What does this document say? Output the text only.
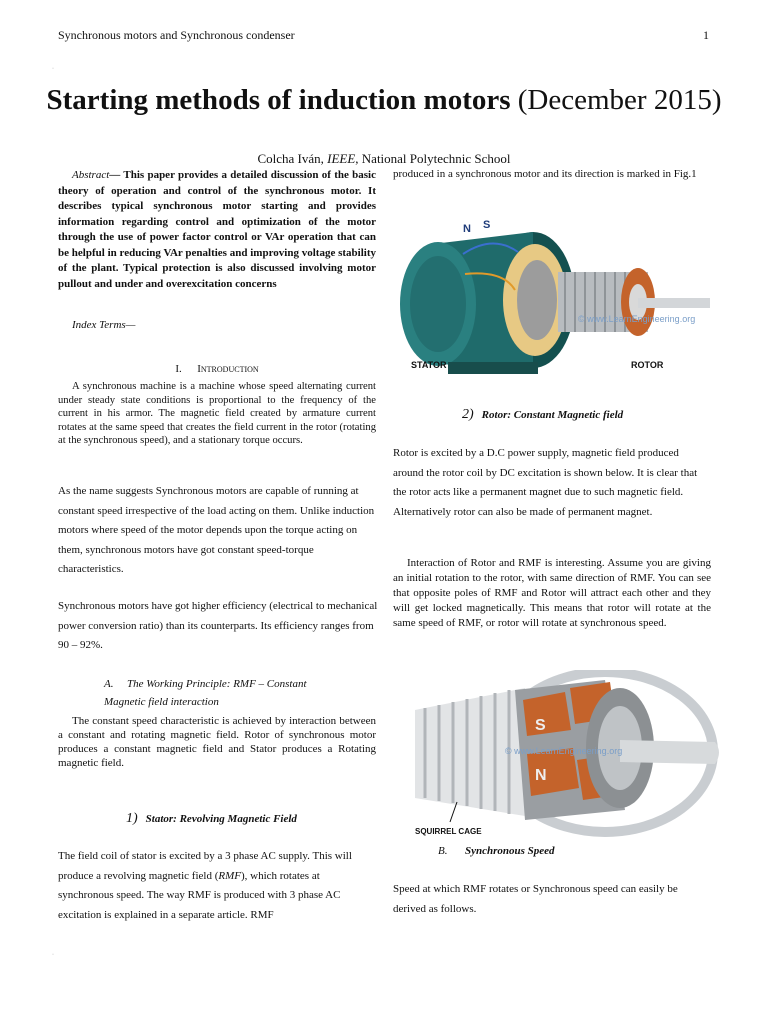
Synchronous motors and Synchronous condenser	1
·
Starting methods of induction motors (December 2015)
Colcha Iván, IEEE, National Polytechnic School
Abstract— This paper provides a detailed discussion of the basic theory of operation and control of the synchronous motor. It describes typical synchronous motor starting and provides information regarding control and optimization of the motor through the use of power factor control or VAr operation that can be helpful in reducing VAr penalties and improving voltage stability of the plant. Typical protection is also discussed involving motor pullout and under and overexcitation concerns
Index Terms—
I. Introduction
A synchronous machine is a machine whose speed alternating current under steady state conditions is proportional to the frequency of the current in his armor. The magnetic field created by armature current rotates at the same speed that creates the field current in the rotor (rotating at the synchronous speed), and a stationary torque occurs.
As the name suggests Synchronous motors are capable of running at constant speed irrespective of the load acting on them. Unlike induction motors where speed of the motor depends upon the torque acting on them, synchronous motors have got constant speed-torque characteristics.
Synchronous motors have got higher efficiency (electrical to mechanical power conversion ratio) than its counterparts. Its efficiency ranges from 90 – 92%.
A. The Working Principle: RMF – Constant Magnetic field interaction
The constant speed characteristic is achieved by interaction between a constant and rotating magnetic field. Rotor of synchronous motor produces a constant magnetic field and Stator produces a Rotating magnetic field.
1) Stator: Revolving Magnetic Field
The field coil of stator is excited by a 3 phase AC supply. This will produce a revolving magnetic field (RMF), which rotates at synchronous speed. The way RMF is produced with 3 phase AC excitation is explained in a separate article. RMF
·
produced in a synchronous motor and its direction is marked in Fig.1
© www.LearnEngineering.org
N S
STATOR	ROTOR
2) Rotor: Constant Magnetic field
Rotor is excited by a D.C power supply, magnetic field produced around the rotor coil by DC excitation is shown below. It is clear that the rotor acts like a permanent magnet due to such magnetic field. Alternatively rotor can also be made of permanent magnet.
Interaction of Rotor and RMF is interesting. Assume you are giving an initial rotation to the rotor, with same direction of RMF. You can see that opposite poles of RMF and Rotor will attract each other and they will get locked magnetically. This means that rotor will rotate at the same speed of RMF, or rotor will rotate at synchronous speed.
S
N
© www.LearnEngineering.org
SQUIRREL CAGE
B. Synchronous Speed
Speed at which RMF rotates or Synchronous speed can easily be derived as follows.
